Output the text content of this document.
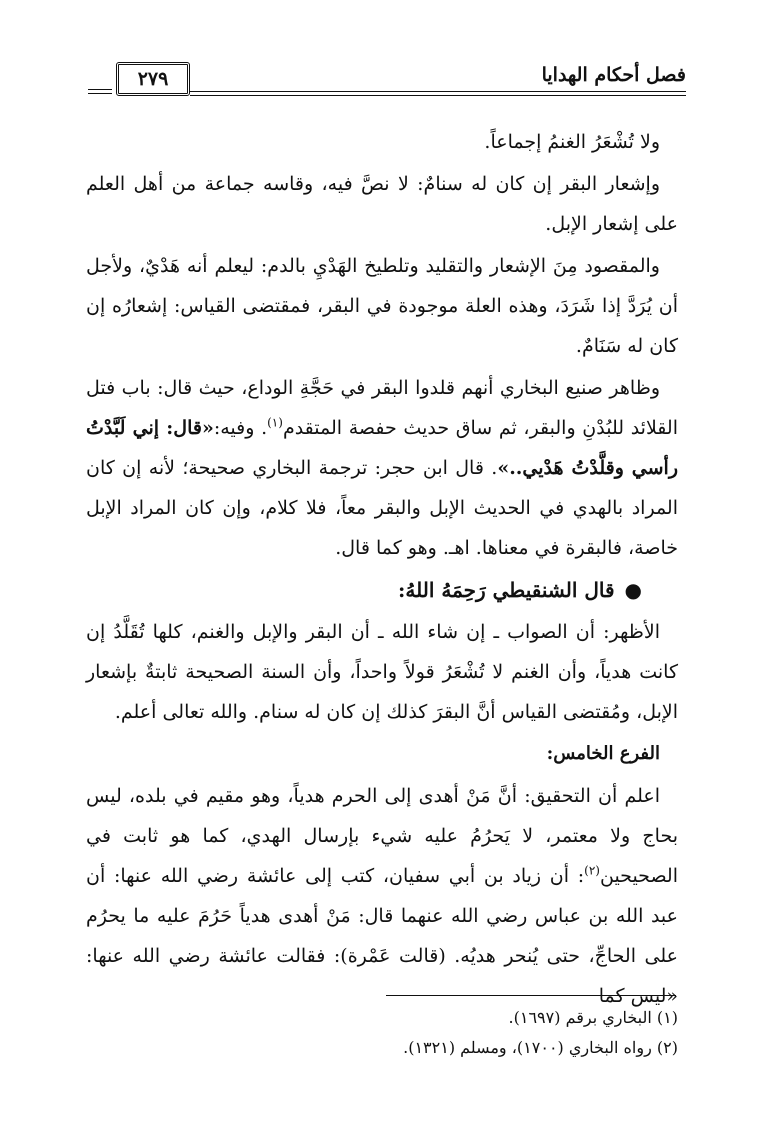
فصل أحكام الهدايا
٢٧٩

ولا تُشْعَرُ الغنمُ إجماعاً.

وإشعار البقر إن كان له سنامٌ: لا نصَّ فيه، وقاسه جماعة من أهل العلم على إشعار الإبل.

والمقصود مِنَ الإشعار والتقليد وتلطيخ الهَدْيِ بالدم: ليعلم أنه هَدْيٌ، ولأجل أن يُرَدَّ إذا شَرَدَ، وهذه العلة موجودة في البقر، فمقتضى القياس: إشعارُه إن كان له سَنَامٌ.

وظاهر صنيع البخاري أنهم قلدوا البقر في حَجَّةِ الوداع، حيث قال: باب فتل القلائد للبُدْنِ والبقر، ثم ساق حديث حفصة المتقدم$^{(١)}$. وفيه:«قال: إني لَبَّدْتُ رأسي وقلَّدْتُ هَدْيي..». قال ابن حجر: ترجمة البخاري صحيحة؛ لأنه إن كان المراد بالهدي في الحديث الإبل والبقر معاً، فلا كلام، وإن كان المراد الإبل خاصة، فالبقرة في معناها. اهـ. وهو كما قال.

●قال الشنقيطي رَحِمَهُ اللهُ:

الأظهر: أن الصواب ـ إن شاء الله ـ أن البقر والإبل والغنم، كلها تُقَلَّدُ إن كانت هدياً، وأن الغنم لا تُشْعَرُ قولاً واحداً، وأن السنة الصحيحة ثابتةٌ بإشعار الإبل، ومُقتضى القياس أنَّ البقرَ كذلك إن كان له سنام. والله تعالى أعلم.

الفرع الخامس:

اعلم أن التحقيق: أنَّ مَنْ أهدى إلى الحرم هدياً، وهو مقيم في بلده، ليس بحاج ولا معتمر، لا يَحرُمُ عليه شيء بإرسال الهدي، كما هو ثابت في الصحيحين$^{(٢)}$: أن زياد بن أبي سفيان، كتب إلى عائشة رضي الله عنها: أن عبد الله بن عباس رضي الله عنهما قال: مَنْ أهدى هدياً حَرُمَ عليه ما يحرُم على الحاجِّ، حتى يُنحر هديُه. (قالت عَمْرة): فقالت عائشة رضي الله عنها: «ليس كما

(١) البخاري برقم (١٦٩٧).

(٢) رواه البخاري (١٧٠٠)، ومسلم (١٣٢١).
